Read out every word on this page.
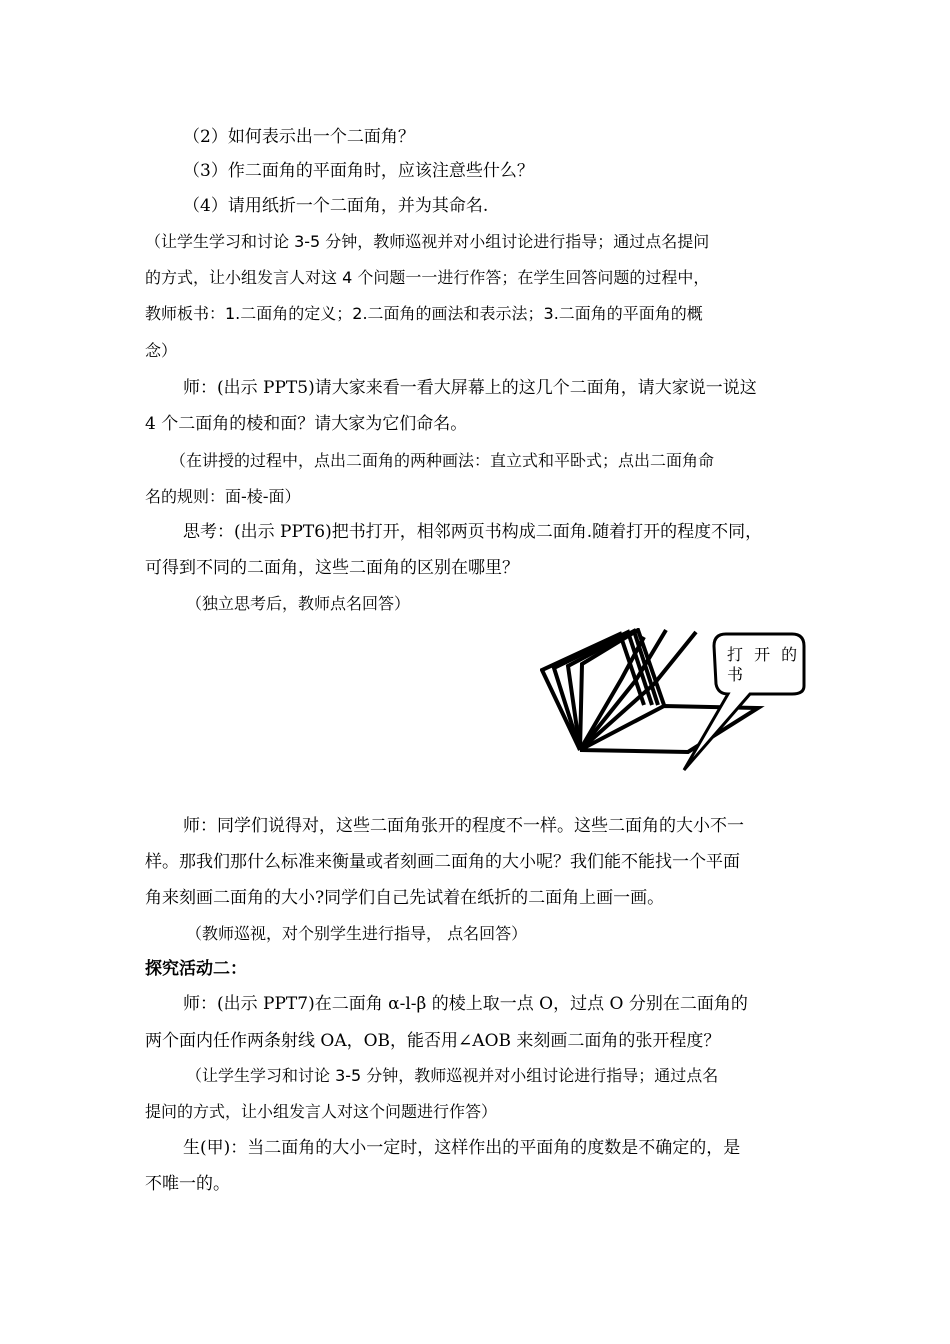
（2）如何表示出一个二面角？
（3）作二面角的平面角时，应该注意些什么？
（4）请用纸折一个二面角，并为其命名.
（让学生学习和讨论 3-5 分钟，教师巡视并对小组讨论进行指导；通过点名提问
的方式，让小组发言人对这 4 个问题一一进行作答；在学生回答问题的过程中，
教师板书：1.二面角的定义；2.二面角的画法和表示法；3.二面角的平面角的概
念）
师：(出示 PPT5)请大家来看一看大屏幕上的这几个二面角，请大家说一说这
4 个二面角的棱和面？请大家为它们命名。
（在讲授的过程中，点出二面角的两种画法：直立式和平卧式；点出二面角命
名的规则：面-棱-面）
思考：(出示 PPT6)把书打开，相邻两页书构成二面角.随着打开的程度不同，
可得到不同的二面角，这些二面角的区别在哪里？
（独立思考后，教师点名回答）
打 开 的 书
师：同学们说得对，这些二面角张开的程度不一样。这些二面角的大小不一
样。那我们那什么标准来衡量或者刻画二面角的大小呢？我们能不能找一个平面
角来刻画二面角的大小?同学们自己先试着在纸折的二面角上画一画。
（教师巡视，对个别学生进行指导， 点名回答）
探究活动二：
师：(出示 PPT7)在二面角 α-l-β 的棱上取一点 O，过点 O 分别在二面角的
两个面内任作两条射线 OA，OB，能否用∠AOB 来刻画二面角的张开程度？
（让学生学习和讨论 3-5 分钟，教师巡视并对小组讨论进行指导；通过点名
提问的方式，让小组发言人对这个问题进行作答）
生(甲)：当二面角的大小一定时，这样作出的平面角的度数是不确定的，是
不唯一的。
